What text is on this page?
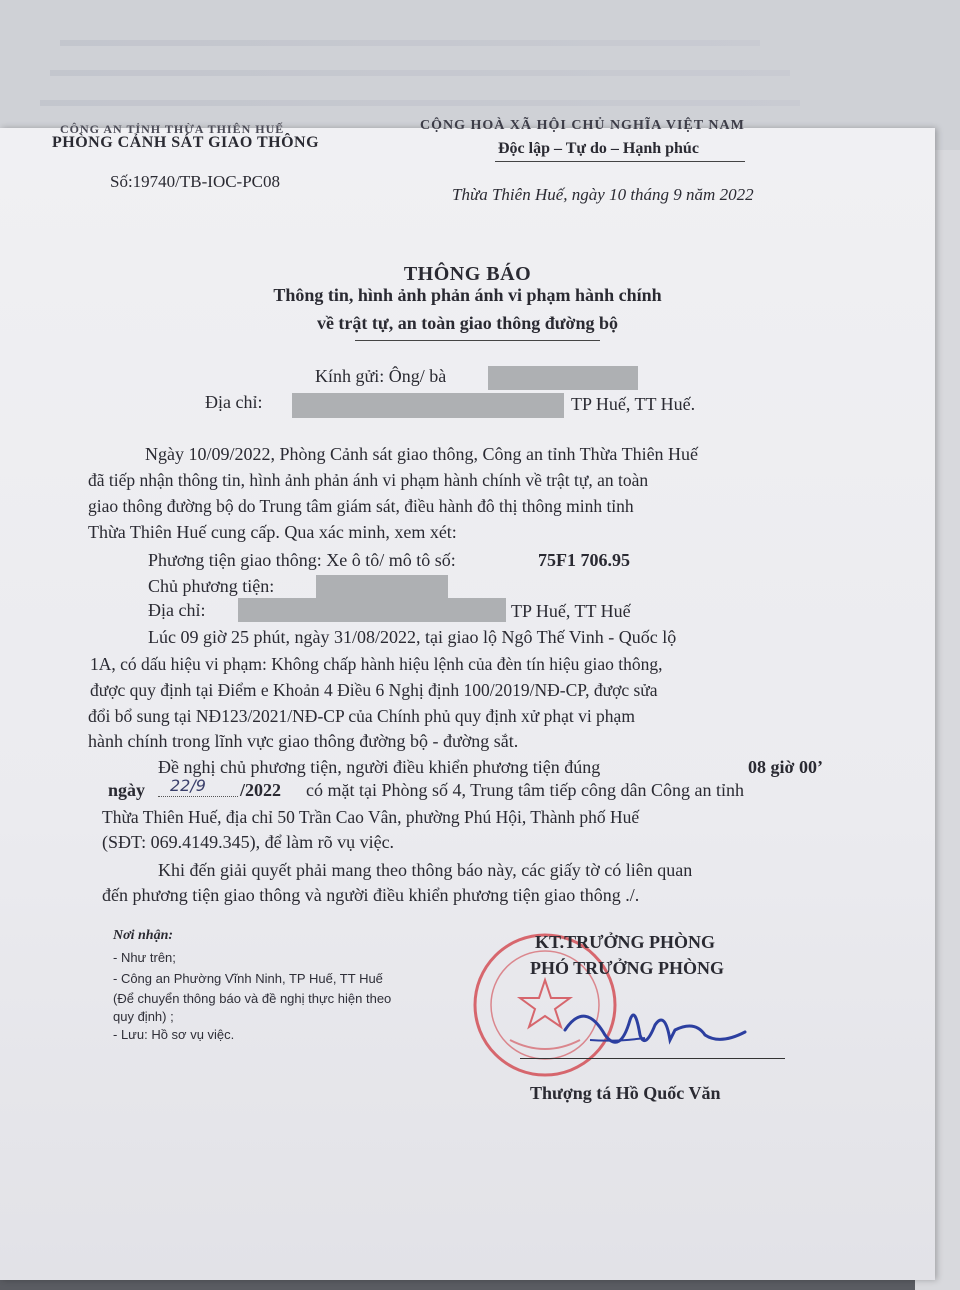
CÔNG AN TỈNH THỪA THIÊN HUẾ
PHÒNG CẢNH SÁT GIAO THÔNG
CỘNG HOÀ XÃ HỘI CHỦ NGHĨA VIỆT NAM
Độc lập – Tự do – Hạnh phúc
Số:19740/TB-IOC-PC08
Thừa Thiên Huế, ngày 10 tháng 9 năm 2022
THÔNG BÁO
Thông tin, hình ảnh phản ánh vi phạm hành chính
về trật tự, an toàn giao thông đường bộ
Kính gửi: Ông/ bà
Địa chỉ:	TP Huế, TT Huế.
Ngày 10/09/2022, Phòng Cảnh sát giao thông, Công an tỉnh Thừa Thiên Huế
đã tiếp nhận thông tin, hình ảnh phản ánh vi phạm hành chính về trật tự, an toàn
giao thông đường bộ do Trung tâm giám sát, điều hành đô thị thông minh tỉnh
Thừa Thiên Huế cung cấp. Qua xác minh, xem xét:
Phương tiện giao thông: Xe ô tô/ mô tô số:	75F1 706.95
Chủ phương tiện:
Địa chỉ:	TP Huế, TT Huế
Lúc 09 giờ 25 phút, ngày 31/08/2022, tại giao lộ Ngô Thế Vinh - Quốc lộ
1A, có dấu hiệu vi phạm: Không chấp hành hiệu lệnh của đèn tín hiệu giao thông,
được quy định tại Điểm e Khoản 4 Điều 6 Nghị định 100/2019/NĐ-CP, được sửa
đổi bổ sung tại NĐ123/2021/NĐ-CP của Chính phủ quy định xử phạt vi phạm
hành chính trong lĩnh vực giao thông đường bộ - đường sắt.
Đề nghị chủ phương tiện, người điều khiển phương tiện đúng	08 giờ 00’
ngày 22/9 /2022 có mặt tại Phòng số 4, Trung tâm tiếp công dân Công an tỉnh
Thừa Thiên Huế, địa chỉ 50 Trần Cao Vân, phường Phú Hội, Thành phố Huế
(SĐT: 069.4149.345), để làm rõ vụ việc.
Khi đến giải quyết phải mang theo thông báo này, các giấy tờ có liên quan
đến phương tiện giao thông và người điều khiển phương tiện giao thông ./.
Nơi nhận:
- Như trên;
- Công an Phường Vĩnh Ninh, TP Huế, TT Huế
(Để chuyển thông báo và đề nghị thực hiện theo
quy định) ;
- Lưu: Hồ sơ vụ việc.
KT.TRƯỞNG PHÒNG
PHÓ TRƯỞNG PHÒNG
Thượng tá Hồ Quốc Văn
